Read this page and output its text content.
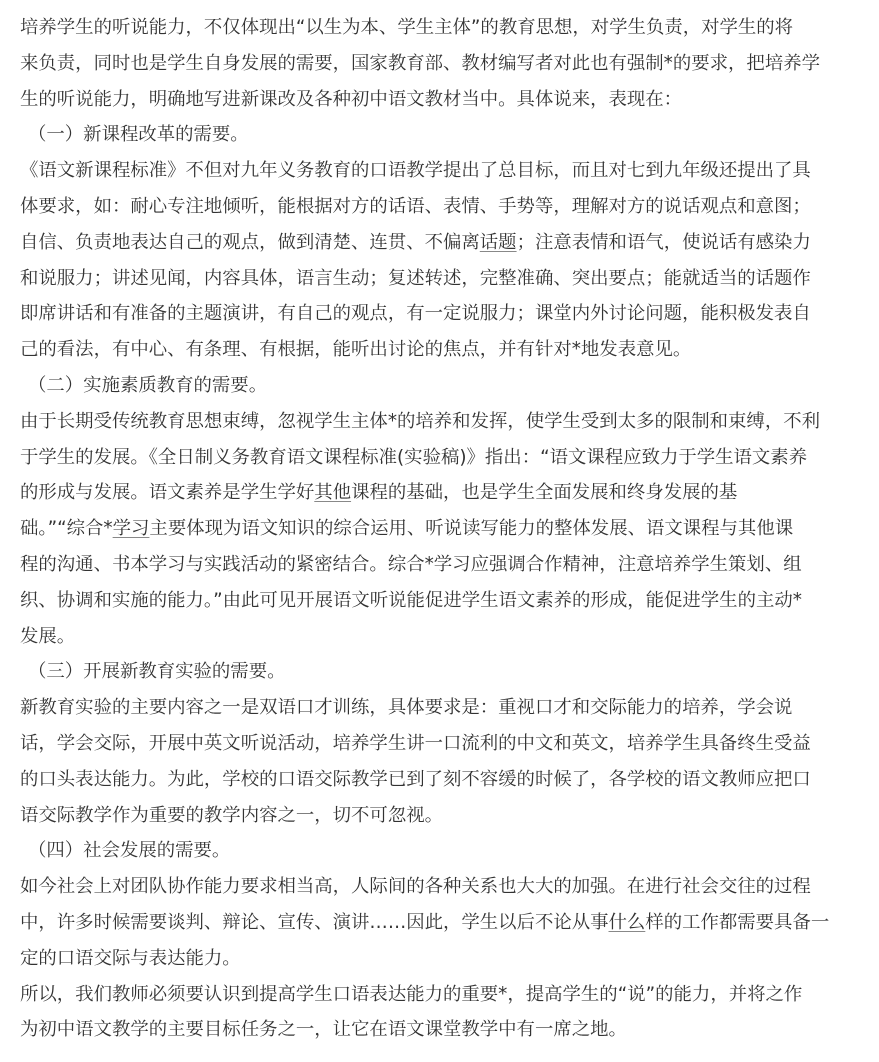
培养学生的听说能力，不仅体现出“以生为本、学生主体”的教育思想，对学生负责，对学生的将
来负责，同时也是学生自身发展的需要，国家教育部、教材编写者对此也有强制*的要求，把培养学
生的听说能力，明确地写进新课改及各种初中语文教材当中。具体说来，表现在：
（一）新课程改革的需要。
《语文新课程标准》不但对九年义务教育的口语教学提出了总目标，而且对七到九年级还提出了具
体要求，如：耐心专注地倾听，能根据对方的话语、表情、手势等，理解对方的说话观点和意图；
自信、负责地表达自己的观点，做到清楚、连贯、不偏离话题；注意表情和语气，使说话有感染力
和说服力；讲述见闻，内容具体，语言生动；复述转述，完整准确、突出要点；能就适当的话题作
即席讲话和有准备的主题演讲，有自己的观点，有一定说服力；课堂内外讨论问题，能积极发表自
己的看法，有中心、有条理、有根据，能听出讨论的焦点，并有针对*地发表意见。
（二）实施素质教育的需要。
由于长期受传统教育思想束缚，忽视学生主体*的培养和发挥，使学生受到太多的限制和束缚，不利
于学生的发展。《全日制义务教育语文课程标准(实验稿)》指出：“语文课程应致力于学生语文素养
的形成与发展。语文素养是学生学好其他课程的基础，也是学生全面发展和终身发展的基
础。”“综合*学习主要体现为语文知识的综合运用、听说读写能力的整体发展、语文课程与其他课
程的沟通、书本学习与实践活动的紧密结合。综合*学习应强调合作精神，注意培养学生策划、组
织、协调和实施的能力。”由此可见开展语文听说能促进学生语文素养的形成，能促进学生的主动*
发展。
（三）开展新教育实验的需要。
新教育实验的主要内容之一是双语口才训练，具体要求是：重视口才和交际能力的培养，学会说
话，学会交际，开展中英文听说活动，培养学生讲一口流利的中文和英文，培养学生具备终生受益
的口头表达能力。为此，学校的口语交际教学已到了刻不容缓的时候了，各学校的语文教师应把口
语交际教学作为重要的教学内容之一，切不可忽视。
（四）社会发展的需要。
如今社会上对团队协作能力要求相当高，人际间的各种关系也大大的加强。在进行社会交往的过程
中，许多时候需要谈判、辩论、宣传、演讲……因此，学生以后不论从事什么样的工作都需要具备一
定的口语交际与表达能力。
所以，我们教师必须要认识到提高学生口语表达能力的重要*，提高学生的“说”的能力，并将之作
为初中语文教学的主要目标任务之一，让它在语文课堂教学中有一席之地。
